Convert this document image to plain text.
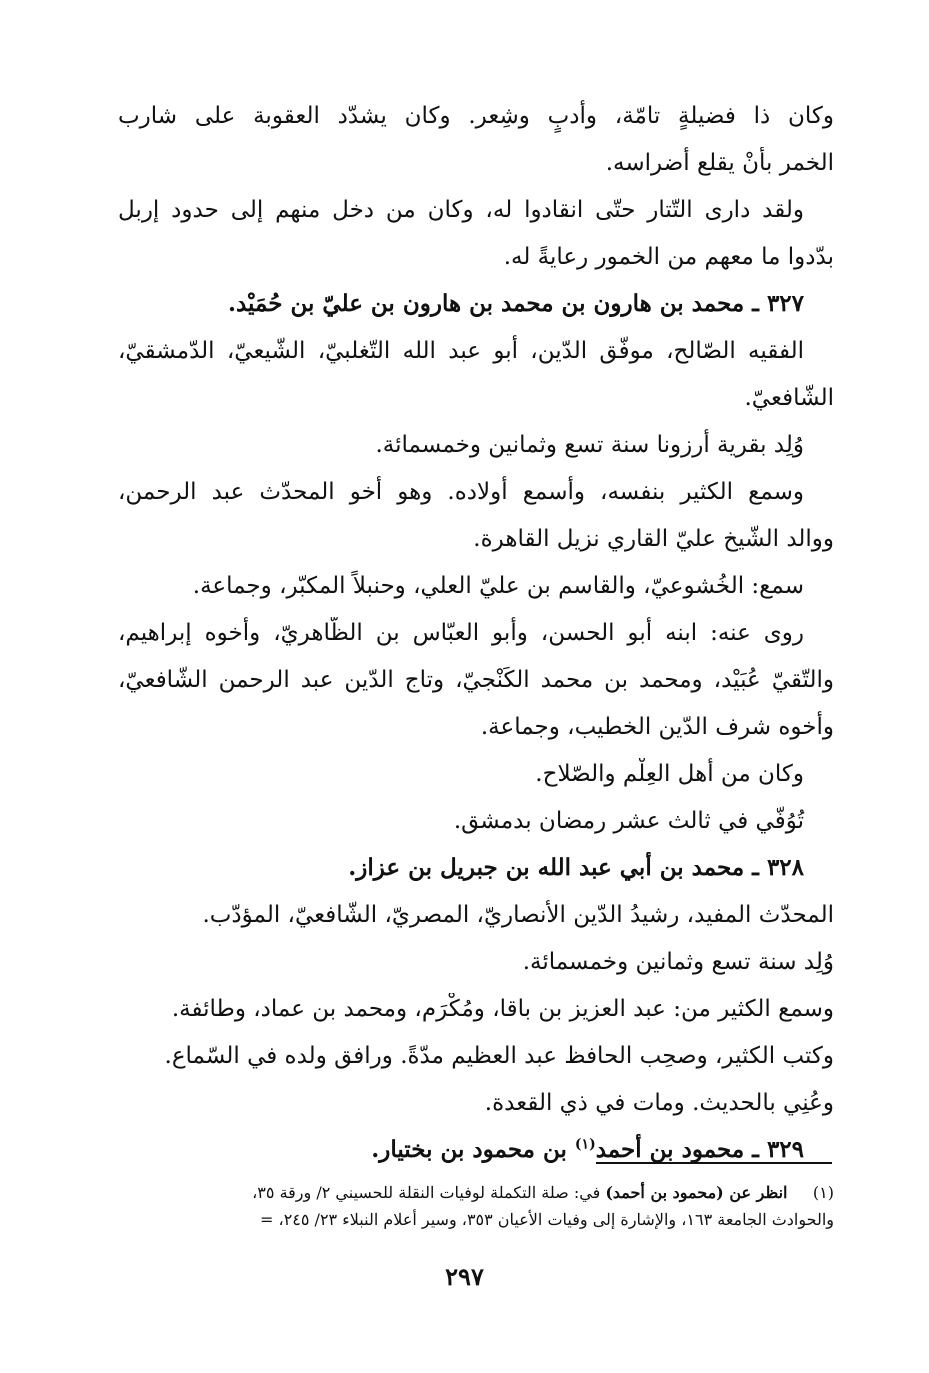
وكان ذا فضيلةٍ تامّة، وأدبٍ وشِعر. وكان يشدّد العقوبة على شارب

الخمر بأنْ يقلع أضراسه.

ولقد دارى التّتار حتّى انقادوا له، وكان من دخل منهم إلى حدود إربل

بدّدوا ما معهم من الخمور رعايةً له.

٣٢٧ ـ محمد بن هارون بن محمد بن هارون بن عليّ بن حُمَيْد.

الفقيه الصّالح، موفّق الدّين، أبو عبد الله التّغلبيّ، الشّيعيّ، الدّمشقيّ،

الشّافعيّ.

وُلِد بقرية أرزونا سنة تسع وثمانين وخمسمائة.

وسمع الكثير بنفسه، وأسمع أولاده. وهو أخو المحدّث عبد الرحمن،

ووالد الشّيخ عليّ القاري نزيل القاهرة.

سمع: الخُشوعيّ، والقاسم بن عليّ العلي، وحنبلاً المكبّر، وجماعة.

روى عنه: ابنه أبو الحسن، وأبو العبّاس بن الظّاهريّ، وأخوه إبراهيم،

والتّقيّ عُبَيْد، ومحمد بن محمد الكَنْجيّ، وتاج الدّين عبد الرحمن الشّافعيّ،

وأخوه شرف الدّين الخطيب، وجماعة.

وكان من أهل العِلْم والصّلاح.

تُوُفّي في ثالث عشر رمضان بدمشق.

٣٢٨ ـ محمد بن أبي عبد الله بن جبريل بن عزاز.

المحدّث المفيد، رشيدُ الدّين الأنصاريّ، المصريّ، الشّافعيّ، المؤدّب.

وُلِد سنة تسع وثمانين وخمسمائة.

وسمع الكثير من: عبد العزيز بن باقا، ومُكْرَم، ومحمد بن عماد، وطائفة.

وكتب الكثير، وصحِب الحافظ عبد العظيم مدّةً. ورافق ولده في السّماع.

وعُنِي بالحديث. ومات في ذي القعدة.

٣٢٩ ـ محمود بن أحمد$^{(١)}$ بن محمود بن بختيار.

(١)     انظر عن (محمود بن أحمد) في: صلة التكملة لوفيات النقلة للحسيني ٢/ ورقة ٣٥،
والحوادث الجامعة ١٦٣، والإشارة إلى وفيات الأعيان ٣٥٣، وسير أعلام النبلاء ٢٣/ ٢٤٥، =
٢٩٧
